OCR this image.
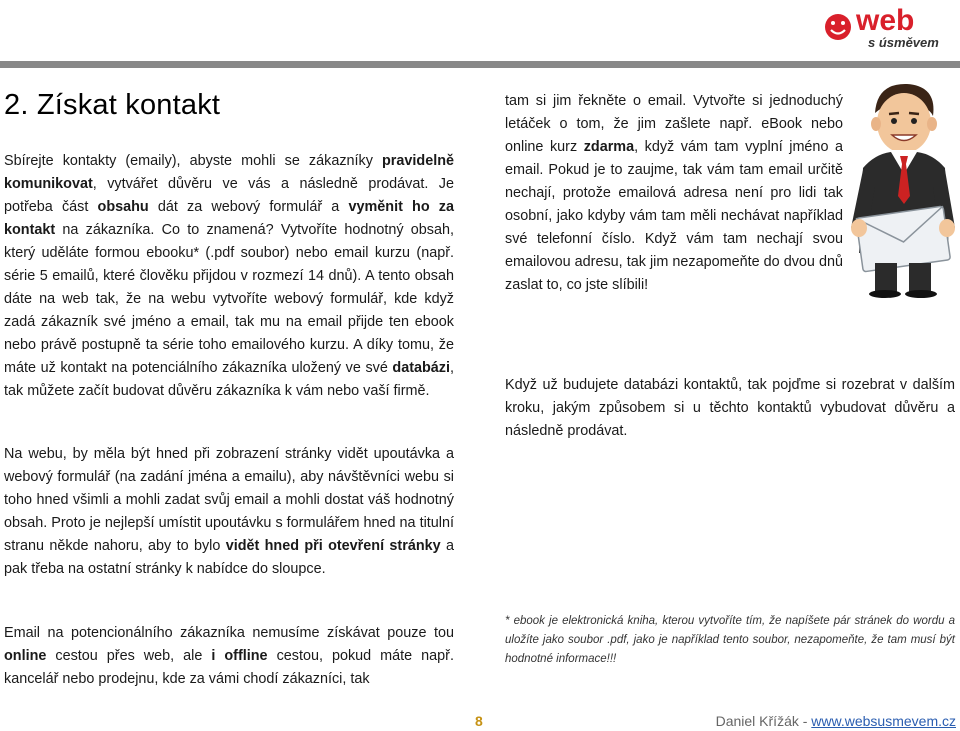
web
s úsměvem
2. Získat kontakt

Sbírejte kontakty (emaily), abyste mohli se zákazníky pravidelně komunikovat, vytvářet důvěru ve vás a následně prodávat. Je potřeba část obsahu dát za webový formulář a vyměnit ho za kontakt na zákazníka. Co to znamená? Vytvoříte hodnotný obsah, který uděláte formou ebooku* (.pdf soubor) nebo email kurzu (např. série 5 emailů, které člověku přijdou v rozmezí 14 dnů). A tento obsah dáte na web tak, že na webu vytvoříte webový formulář, kde když zadá zákazník své jméno a email, tak mu na email přijde ten ebook nebo právě postupně ta série toho emailového kurzu. A díky tomu, že máte už kontakt na potenciálního zákazníka uložený ve své databázi, tak můžete začít budovat důvěru zákazníka k vám nebo vaší firmě.

Na webu, by měla být hned při zobrazení stránky vidět upoutávka a webový formulář (na zadání jména a emailu), aby návštěvníci webu si toho hned všimli a mohli zadat svůj email a mohli dostat váš hodnotný obsah. Proto je nejlepší umístit upoutávku s formulářem hned na titulní stranu někde nahoru, aby to bylo vidět hned při otevření stránky a pak třeba na ostatní stránky k nabídce do sloupce.

Email na potencionálního zákazníka nemusíme získávat pouze tou online cestou přes web, ale i offline cestou, pokud máte např. kancelář nebo prodejnu, kde za vámi chodí zákazníci, tak

tam si jim řekněte o email. Vytvořte si jednoduchý letáček o tom, že jim zašlete např. eBook nebo online kurz zdarma, když vám tam vyplní jméno a email. Pokud je to zaujme, tak vám tam email určitě nechají, protože emailová adresa není pro lidi tak osobní, jako kdyby vám tam měli nechávat například své telefonní číslo. Když vám tam nechají svou emailovou adresu, tak jim nezapomeňte do dvou dnů zaslat to, co jste slíbili!

Když už budujete databázi kontaktů, tak pojďme si rozebrat v dalším kroku, jakým způsobem si u těchto kontaktů vybudovat důvěru a následně prodávat.

* ebook je elektronická kniha, kterou vytvoříte tím, že napíšete pár stránek do wordu a uložíte jako soubor .pdf, jako je například tento soubor, nezapomeňte, že tam musí být hodnotné informace!!!
8	Daniel Křížák - www.websusmevem.cz
